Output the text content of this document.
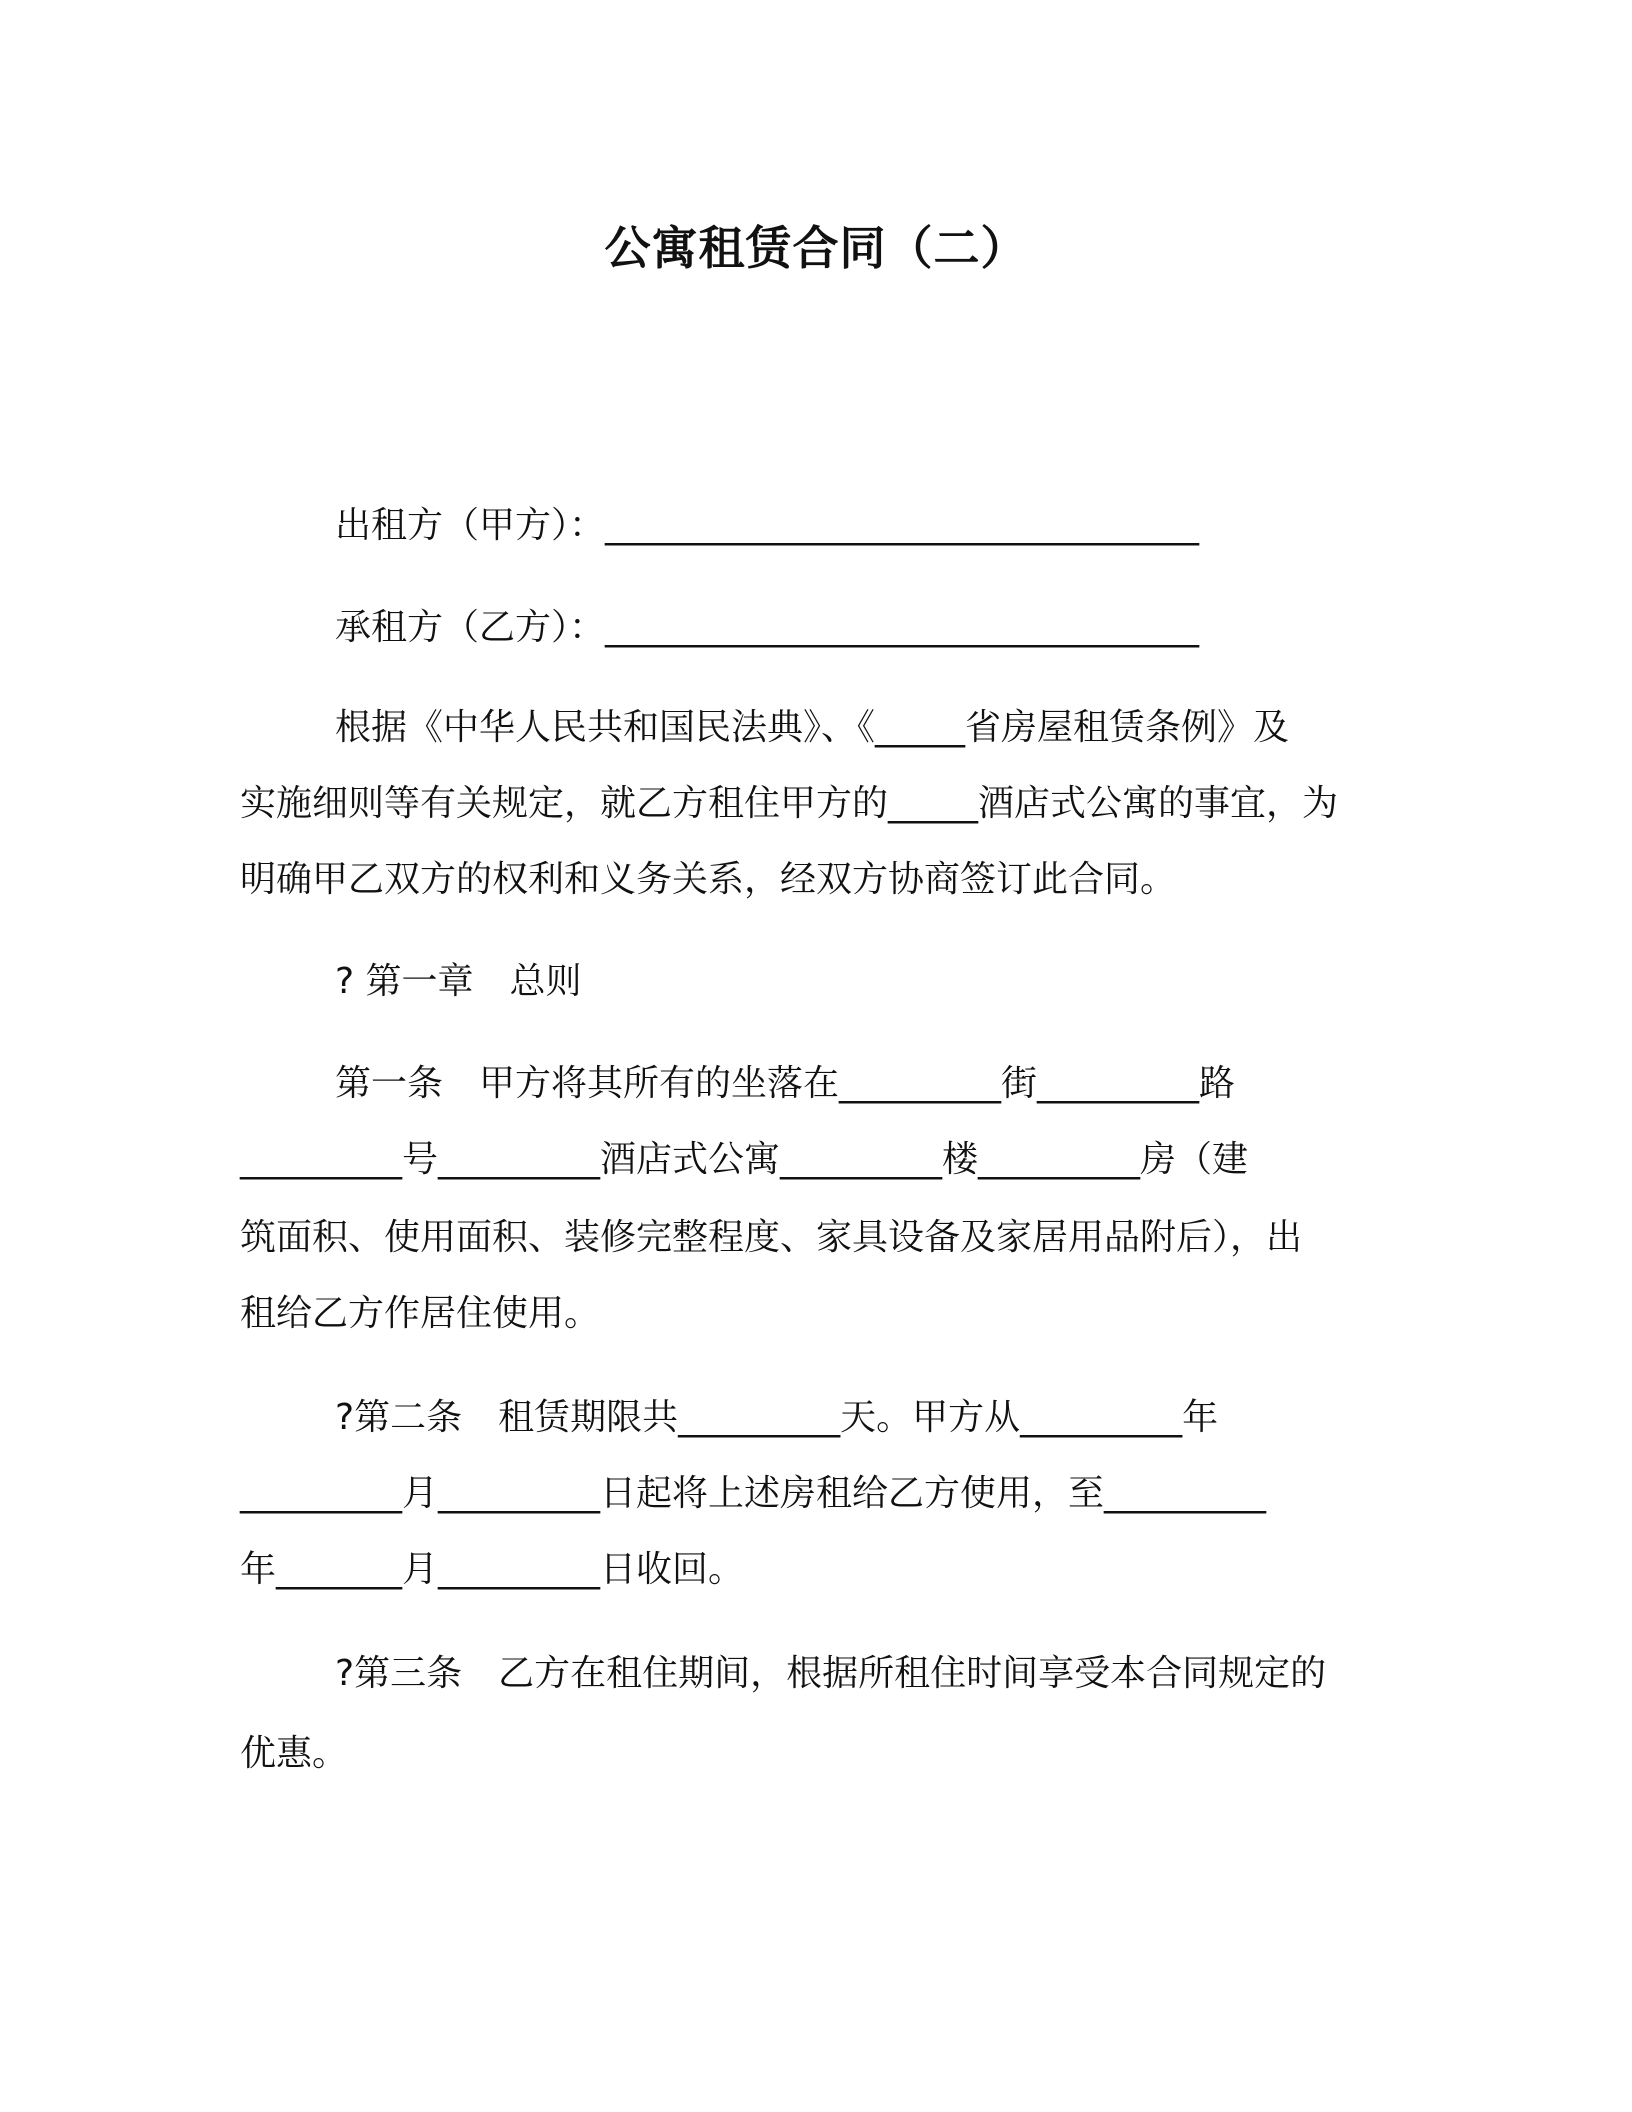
公寓租赁合同（二）
出租方（甲方）：_________________________________
承租方（乙方）：_________________________________
根据《中华人民共和国民法典》、《_____省房屋租赁条例》及
实施细则等有关规定，就乙方租住甲方的_____酒店式公寓的事宜，为
明确甲乙双方的权利和义务关系，经双方协商签订此合同。
? 第一章　总则
第一条　甲方将其所有的坐落在_________街_________路
_________号_________酒店式公寓_________楼_________房（建
筑面积、使用面积、装修完整程度、家具设备及家居用品附后），出
租给乙方作居住使用。
?第二条　租赁期限共_________天。甲方从_________年
_________月_________日起将上述房租给乙方使用，至_________
年_______月_________日收回。
?第三条　乙方在租住期间，根据所租住时间享受本合同规定的
优惠。
